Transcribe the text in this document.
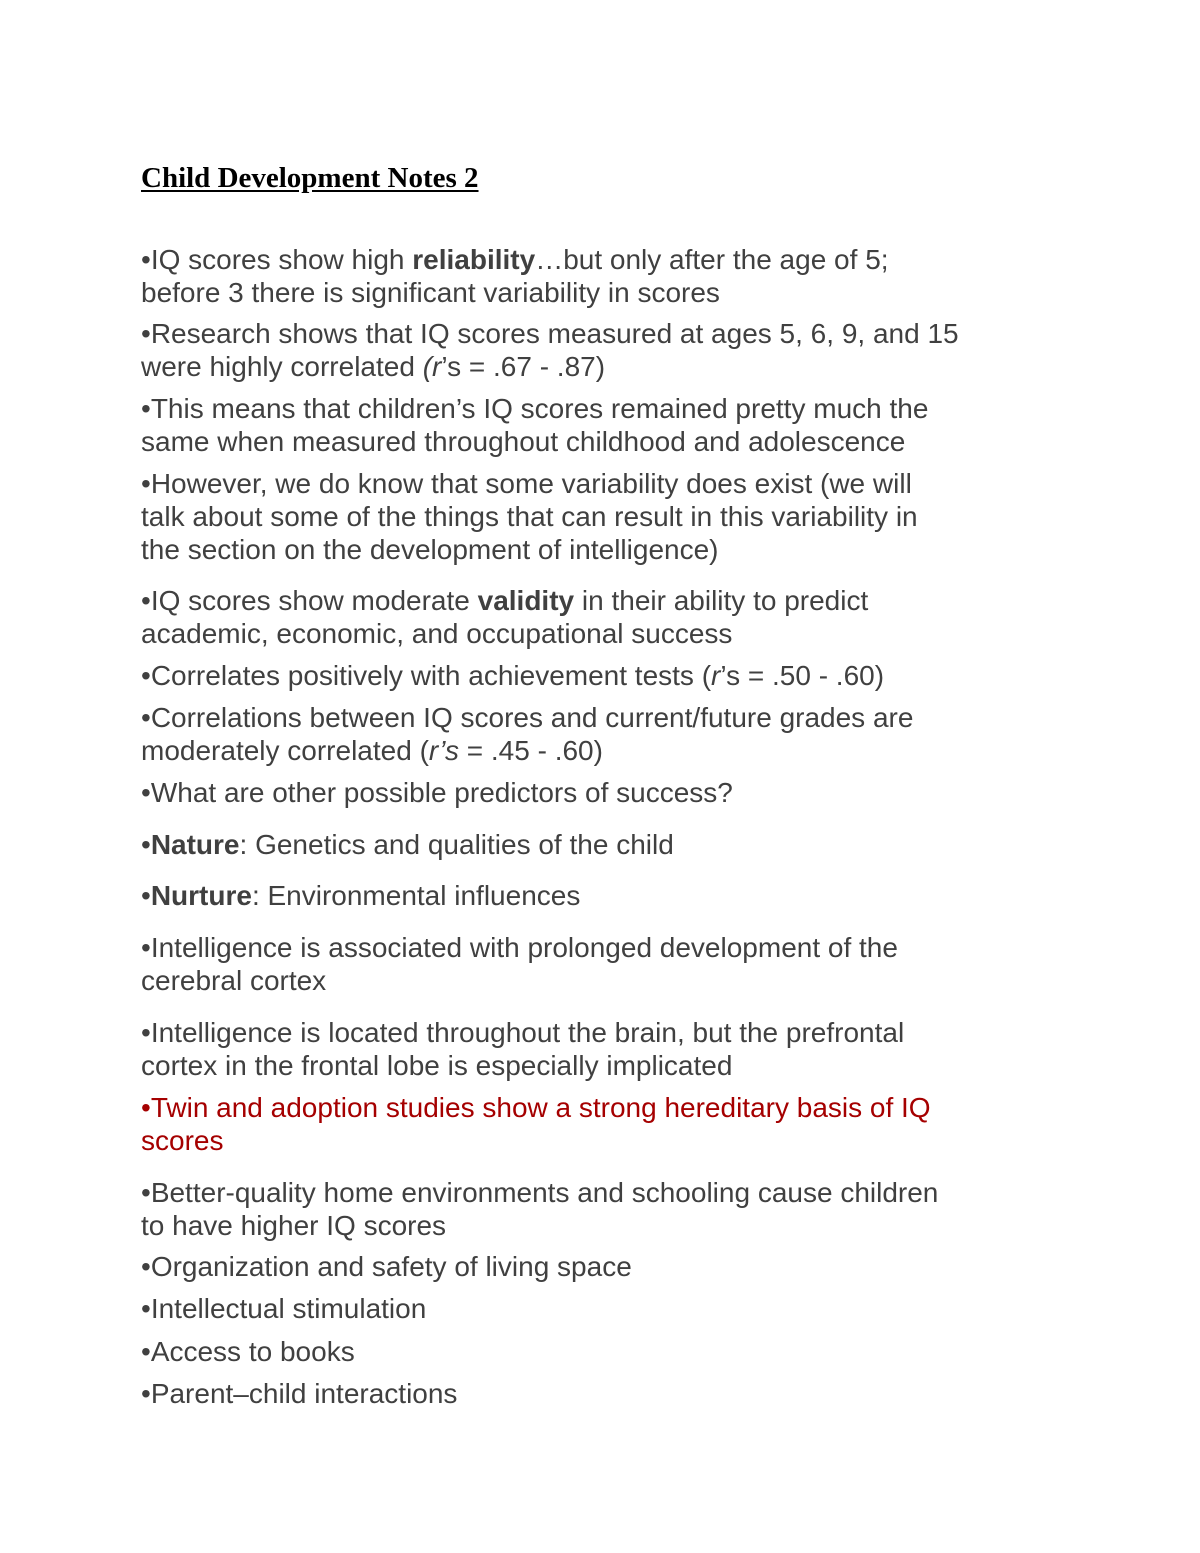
Child Development Notes 2
•IQ scores show high reliability…but only after the age of 5;
before 3 there is significant variability in scores
•Research shows that IQ scores measured at ages 5, 6, 9, and 15
were highly correlated (r’s = .67 - .87)
•This means that children’s IQ scores remained pretty much the
same when measured throughout childhood and adolescence
•However, we do know that some variability does exist (we will
talk about some of the things that can result in this variability in
the section on the development of intelligence)
•IQ scores show moderate validity in their ability to predict
academic, economic, and occupational success
•Correlates positively with achievement tests (r’s = .50 - .60)
•Correlations between IQ scores and current/future grades are
moderately correlated (r’s = .45 - .60)
•What are other possible predictors of success?
•Nature: Genetics and qualities of the child
•Nurture: Environmental influences
•Intelligence is associated with prolonged development of the
cerebral cortex
•Intelligence is located throughout the brain, but the prefrontal
cortex in the frontal lobe is especially implicated
•Twin and adoption studies show a strong hereditary basis of IQ
scores
•Better-quality home environments and schooling cause children
to have higher IQ scores
•Organization and safety of living space
•Intellectual stimulation
•Access to books
•Parent–child interactions
